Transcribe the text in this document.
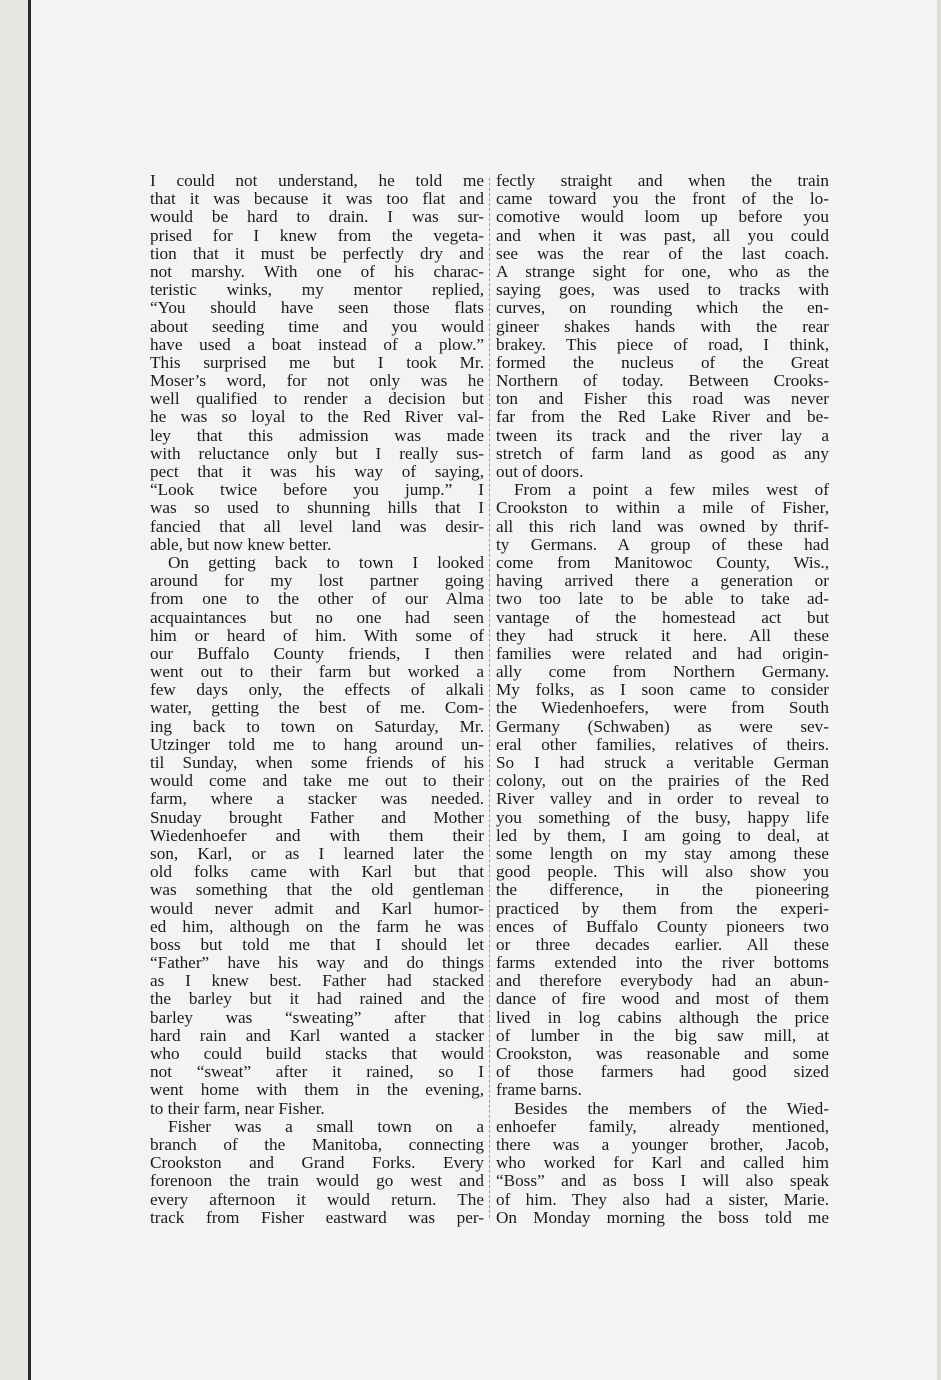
I could not understand, he told me
that it was because it was too flat and
would be hard to drain. I was sur-
prised for I knew from the vegeta-
tion that it must be perfectly dry and
not marshy. With one of his charac-
teristic winks, my mentor replied,
“You should have seen those flats
about seeding time and you would
have used a boat instead of a plow.”
This surprised me but I took Mr.
Moser’s word, for not only was he
well qualified to render a decision but
he was so loyal to the Red River val-
ley that this admission was made
with reluctance only but I really sus-
pect that it was his way of saying,
“Look twice before you jump.” I
was so used to shunning hills that I
fancied that all level land was desir-
able, but now knew better.
On getting back to town I looked
around for my lost partner going
from one to the other of our Alma
acquaintances but no one had seen
him or heard of him. With some of
our Buffalo County friends, I then
went out to their farm but worked a
few days only, the effects of alkali
water, getting the best of me. Com-
ing back to town on Saturday, Mr.
Utzinger told me to hang around un-
til Sunday, when some friends of his
would come and take me out to their
farm, where a stacker was needed.
Snuday brought Father and Mother
Wiedenhoefer and with them their
son, Karl, or as I learned later the
old folks came with Karl but that
was something that the old gentleman
would never admit and Karl humor-
ed him, although on the farm he was
boss but told me that I should let
“Father” have his way and do things
as I knew best. Father had stacked
the barley but it had rained and the
barley was “sweating” after that
hard rain and Karl wanted a stacker
who could build stacks that would
not “sweat” after it rained, so I
went home with them in the evening,
to their farm, near Fisher.
Fisher was a small town on a
branch of the Manitoba, connecting
Crookston and Grand Forks. Every
forenoon the train would go west and
every afternoon it would return. The
track from Fisher eastward was per-
fectly straight and when the train
came toward you the front of the lo-
comotive would loom up before you
and when it was past, all you could
see was the rear of the last coach.
A strange sight for one, who as the
saying goes, was used to tracks with
curves, on rounding which the en-
gineer shakes hands with the rear
brakey. This piece of road, I think,
formed the nucleus of the Great
Northern of today. Between Crooks-
ton and Fisher this road was never
far from the Red Lake River and be-
tween its track and the river lay a
stretch of farm land as good as any
out of doors.
From a point a few miles west of
Crookston to within a mile of Fisher,
all this rich land was owned by thrif-
ty Germans. A group of these had
come from Manitowoc County, Wis.,
having arrived there a generation or
two too late to be able to take ad-
vantage of the homestead act but
they had struck it here. All these
families were related and had origin-
ally come from Northern Germany.
My folks, as I soon came to consider
the Wiedenhoefers, were from South
Germany (Schwaben) as were sev-
eral other families, relatives of theirs.
So I had struck a veritable German
colony, out on the prairies of the Red
River valley and in order to reveal to
you something of the busy, happy life
led by them, I am going to deal, at
some length on my stay among these
good people. This will also show you
the difference, in the pioneering
practiced by them from the experi-
ences of Buffalo County pioneers two
or three decades earlier. All these
farms extended into the river bottoms
and therefore everybody had an abun-
dance of fire wood and most of them
lived in log cabins although the price
of lumber in the big saw mill, at
Crookston, was reasonable and some
of those farmers had good sized
frame barns.
Besides the members of the Wied-
enhoefer family, already mentioned,
there was a younger brother, Jacob,
who worked for Karl and called him
“Boss” and as boss I will also speak
of him. They also had a sister, Marie.
On Monday morning the boss told me
